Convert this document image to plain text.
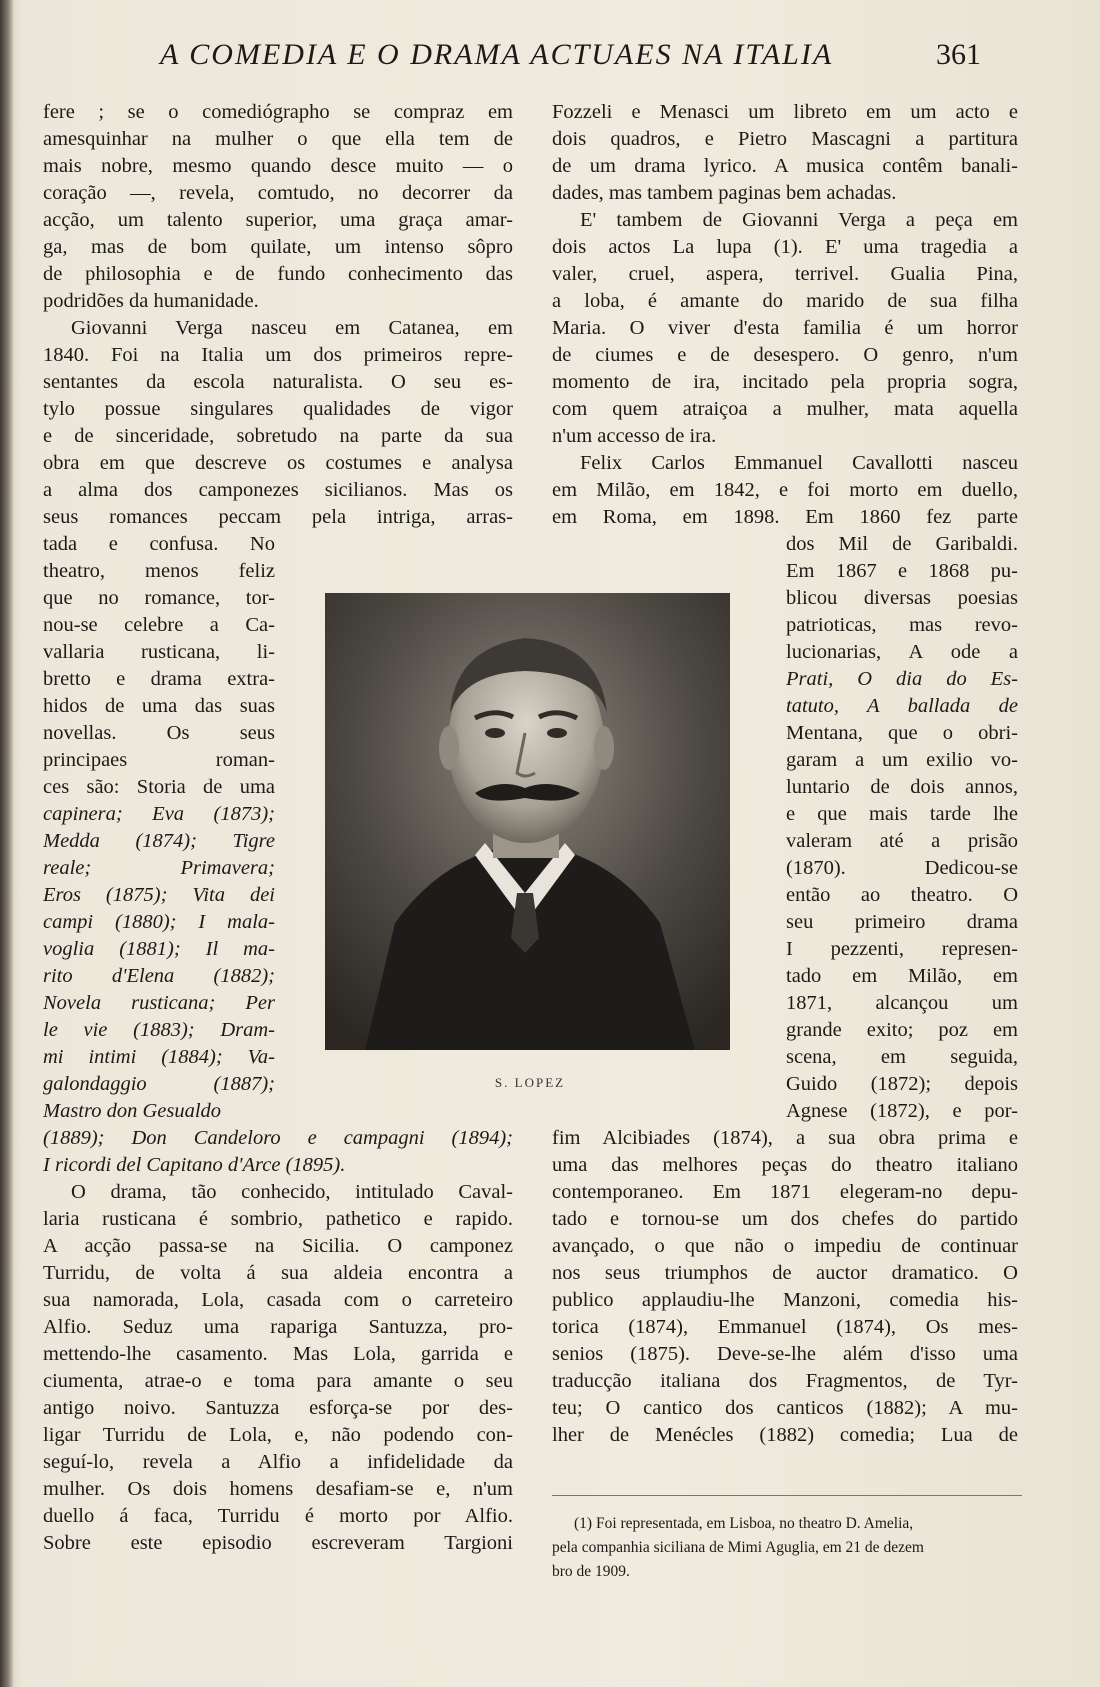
A COMEDIA E O DRAMA ACTUAES NA ITALIA	361
fere ; se o comediógrapho se compraz em
amesquinhar na mulher o que ella tem de
mais nobre, mesmo quando desce muito — o
coração —, revela, comtudo, no decorrer da
acção, um talento superior, uma graça amar-
ga, mas de bom quilate, um intenso sôpro
de philosophia e de fundo conhecimento das
podridões da humanidade.
Giovanni Verga nasceu em Catanea, em
1840. Foi na Italia um dos primeiros repre-
sentantes da escola naturalista. O seu es-
tylo possue singulares qualidades de vigor
e de sinceridade, sobretudo na parte da sua
obra em que descreve os costumes e analysa
a alma dos camponezes sicilianos. Mas os
seus romances peccam pela intriga, arras-
tada e confusa. No
theatro, menos feliz
que no romance, tor-
nou-se celebre a Ca-
vallaria rusticana, li-
bretto e drama extra-
hidos de uma das suas
novellas. Os seus
principaes roman-
ces são: Storia de uma
capinera; Eva (1873);
Medda (1874); Tigre
reale; Primavera;
Eros (1875); Vita dei
campi (1880); I mala-
voglia (1881); Il ma-
rito d'Elena (1882);
Novela rusticana; Per
le vie (1883); Dram-
mi intimi (1884); Va-
galondaggio (1887);
Mastro don Gesualdo
(1889); Don Candeloro e campagni (1894);
I ricordi del Capitano d'Arce (1895).
O drama, tão conhecido, intitulado Caval-
laria rusticana é sombrio, pathetico e rapido.
A acção passa-se na Sicilia. O camponez
Turridu, de volta á sua aldeia encontra a
sua namorada, Lola, casada com o carreteiro
Alfio. Seduz uma rapariga Santuzza, pro-
mettendo-lhe casamento. Mas Lola, garrida e
ciumenta, atrae-o e toma para amante o seu
antigo noivo. Santuzza esforça-se por des-
ligar Turridu de Lola, e, não podendo con-
seguí-lo, revela a Alfio a infidelidade da
mulher. Os dois homens desafiam-se e, n'um
duello á faca, Turridu é morto por Alfio.
Sobre este episodio escreveram Targioni
Fozzeli e Menasci um libreto em um acto e
dois quadros, e Pietro Mascagni a partitura
de um drama lyrico. A musica contêm banali-
dades, mas tambem paginas bem achadas.
E' tambem de Giovanni Verga a peça em
dois actos La lupa (1). E' uma tragedia a
valer, cruel, aspera, terrivel. Gualia Pina,
a loba, é amante do marido de sua filha
Maria. O viver d'esta familia é um horror
de ciumes e de desespero. O genro, n'um
momento de ira, incitado pela propria sogra,
com quem atraiçoa a mulher, mata aquella
n'um accesso de ira.
Felix Carlos Emmanuel Cavallotti nasceu
em Milão, em 1842, e foi morto em duello,
em Roma, em 1898. Em 1860 fez parte
dos Mil de Garibaldi.
Em 1867 e 1868 pu-
blicou diversas poesias
patrioticas, mas revo-
lucionarias, A ode a
Prati, O dia do Es-
tatuto, A ballada de
Mentana, que o obri-
garam a um exilio vo-
luntario de dois annos,
e que mais tarde lhe
valeram até a prisão
(1870). Dedicou-se
então ao theatro. O
seu primeiro drama
I pezzenti, represen-
tado em Milão, em
1871, alcançou um
grande exito; poz em
scena, em seguida,
Guido (1872); depois
Agnese (1872), e por-
fim Alcibiades (1874), a sua obra prima e
uma das melhores peças do theatro italiano
contemporaneo. Em 1871 elegeram-no depu-
tado e tornou-se um dos chefes do partido
avançado, o que não o impediu de continuar
nos seus triumphos de auctor dramatico. O
publico applaudiu-lhe Manzoni, comedia his-
torica (1874), Emmanuel (1874), Os mes-
senios (1875). Deve-se-lhe além d'isso uma
traducção italiana dos Fragmentos, de Tyr-
teu; O cantico dos canticos (1882); A mu-
lher de Menécles (1882) comedia; Lua de
S. LOPEZ
(1) Foi representada, em Lisboa, no theatro D. Amelia,
pela companhia siciliana de Mimi Aguglia, em 21 de dezem
bro de 1909.
